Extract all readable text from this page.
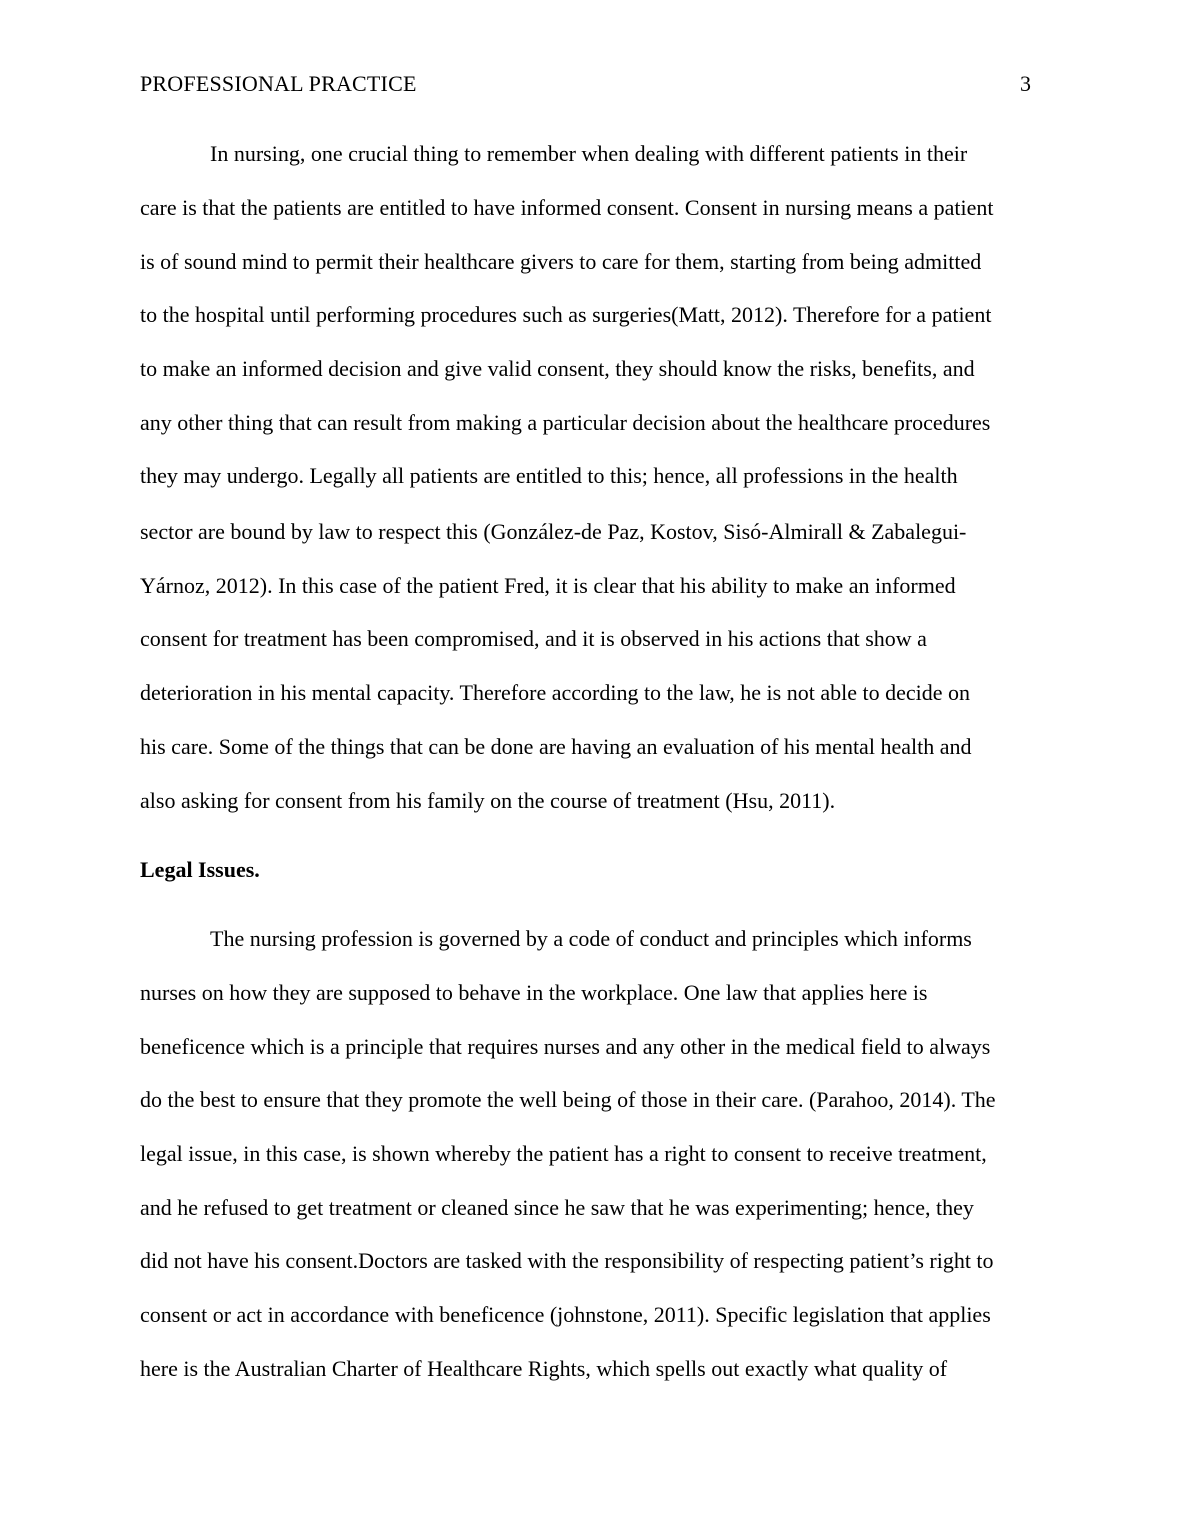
PROFESSIONAL PRACTICE	3
In nursing, one crucial thing to remember when dealing with different patients in their
care is that the patients are entitled to have informed consent. Consent in nursing means a patient
is of sound mind to permit their healthcare givers to care for them, starting from being admitted
to the hospital until performing procedures such as surgeries(Matt, 2012). Therefore for a patient
to make an informed decision and give valid consent, they should know the risks, benefits, and
any other thing that can result from making a particular decision about the healthcare procedures
they may undergo. Legally all patients are entitled to this; hence, all professions in the health
sector are bound by law to respect this (González-de Paz, Kostov, Sisó-Almirall & Zabalegui-
Yárnoz, 2012). In this case of the patient Fred, it is clear that his ability to make an informed
consent for treatment has been compromised, and it is observed in his actions that show a
deterioration in his mental capacity. Therefore according to the law, he is not able to decide on
his care. Some of the things that can be done are having an evaluation of his mental health and
also asking for consent from his family on the course of treatment (Hsu, 2011).
Legal Issues.
The nursing profession is governed by a code of conduct and principles which informs
nurses on how they are supposed to behave in the workplace. One law that applies here is
beneficence which is a principle that requires nurses and any other in the medical field to always
do the best to ensure that they promote the well being of those in their care. (Parahoo, 2014). The
legal issue, in this case, is shown whereby the patient has a right to consent to receive treatment,
and he refused to get treatment or cleaned since he saw that he was experimenting; hence, they
did not have his consent.Doctors are tasked with the responsibility of respecting patient’s right to
consent or act in accordance with beneficence (johnstone, 2011). Specific legislation that applies
here is the Australian Charter of Healthcare Rights, which spells out exactly what quality of
